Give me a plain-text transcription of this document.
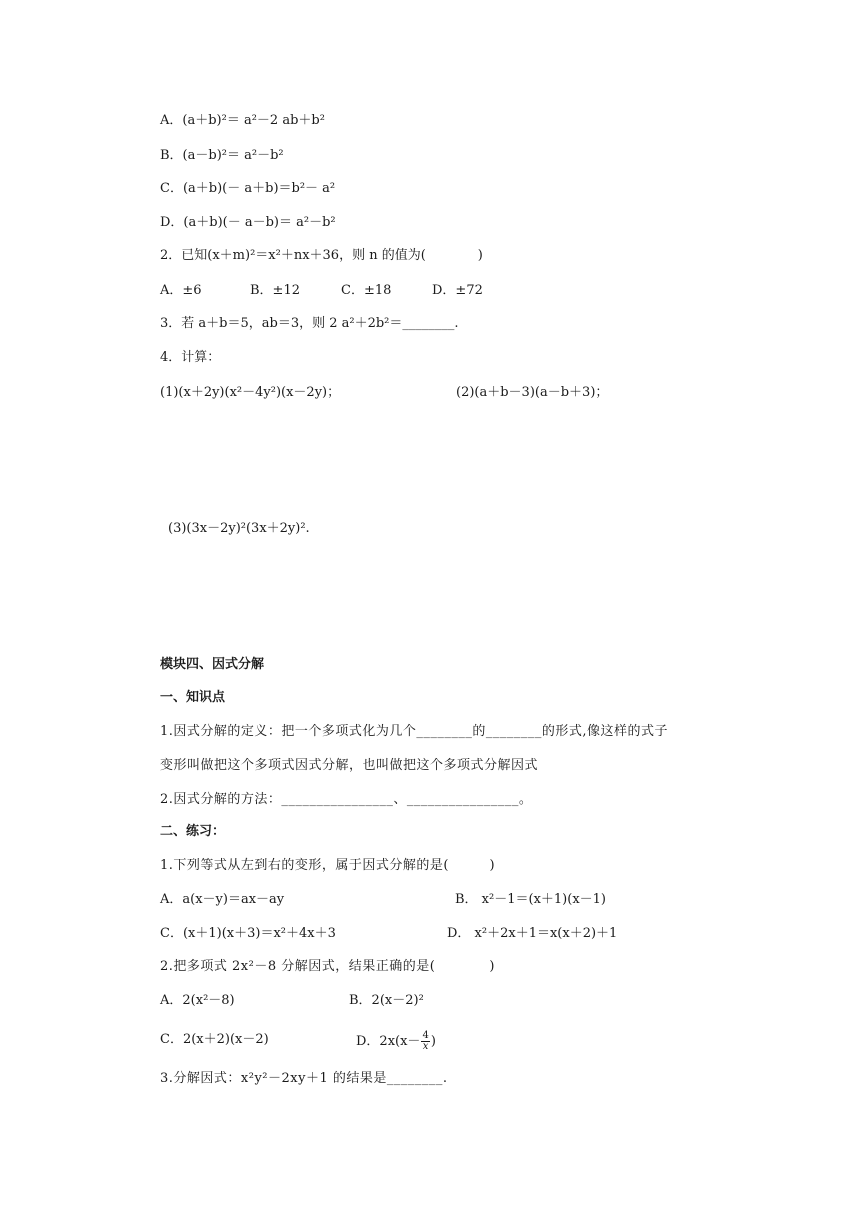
A．(a＋b)²＝ a²－2 ab＋b²
B．(a－b)²＝ a²－b²
C．(a＋b)(－ a＋b)＝b²－ a²
D．(a＋b)(－ a－b)＝ a²－b²
2．已知(x＋m)²＝x²＋nx＋36，则 n 的值为(　　　　)
A．±6	B．±12	C．±18	D．±72
3．若 a＋b＝5，ab＝3，则 2 a²＋2b²＝________.
4．计算：
(1)(x＋2y)(x²－4y²)(x－2y)；	(2)(a＋b－3)(a－b＋3)；
(3)(3x－2y)²(3x＋2y)².
模块四、因式分解
一、知识点
1.因式分解的定义：把一个多项式化为几个________的________的形式,像这样的式子
变形叫做把这个多项式因式分解，也叫做把这个多项式分解因式
2.因式分解的方法：________________、________________。
二、练习：
1.下列等式从左到右的变形，属于因式分解的是(　　　)
A．a(x－y)＝ax－ay	B． x²－1＝(x＋1)(x－1)
C．(x＋1)(x＋3)＝x²＋4x＋3	D． x²＋2x＋1＝x(x＋2)＋1
2.把多项式 2x²－8 分解因式，结果正确的是(　　　　)
A．2(x²－8)	B．2(x－2)²
C．2(x＋2)(x－2)	D．$2x(x- \frac{4}{x}$ )
3.分解因式：x²y²－2xy＋1 的结果是________.
